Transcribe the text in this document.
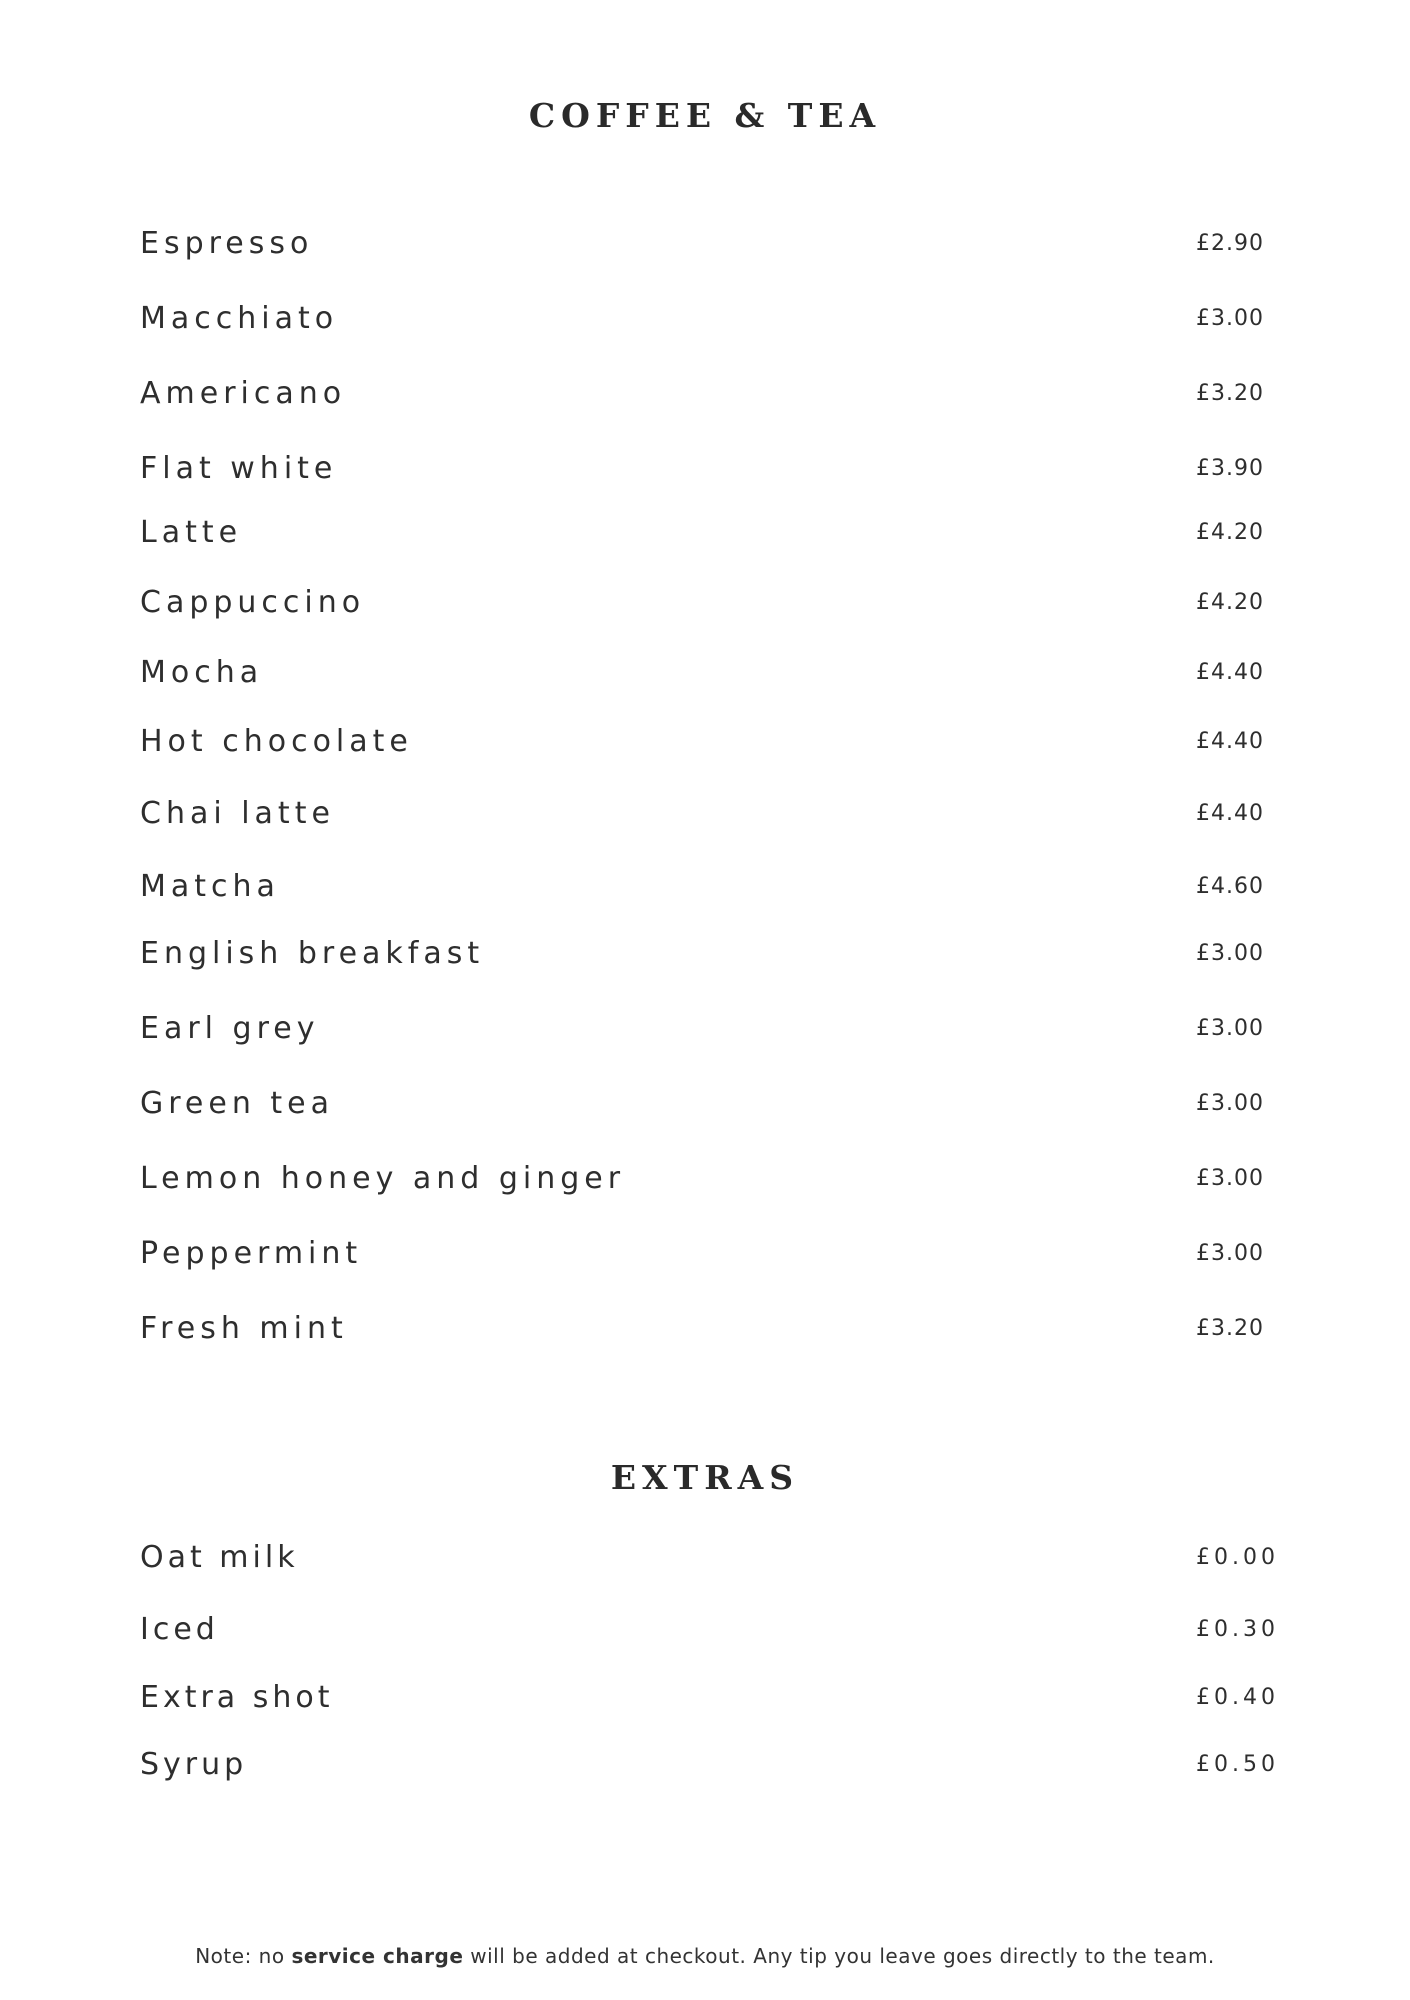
COFFEE & TEA
Espresso	£2.90
Macchiato	£3.00
Americano	£3.20
Flat white	£3.90
Latte	£4.20
Cappuccino	£4.20
Mocha	£4.40
Hot chocolate	£4.40
Chai latte	£4.40
Matcha	£4.60
English breakfast	£3.00
Earl grey	£3.00
Green tea	£3.00
Lemon honey and ginger	£3.00
Peppermint	£3.00
Fresh mint	£3.20
EXTRAS
Oat milk	£0.00
Iced	£0.30
Extra shot	£0.40
Syrup	£0.50
Note: no service charge will be added at checkout. Any tip you leave goes directly to the team.
